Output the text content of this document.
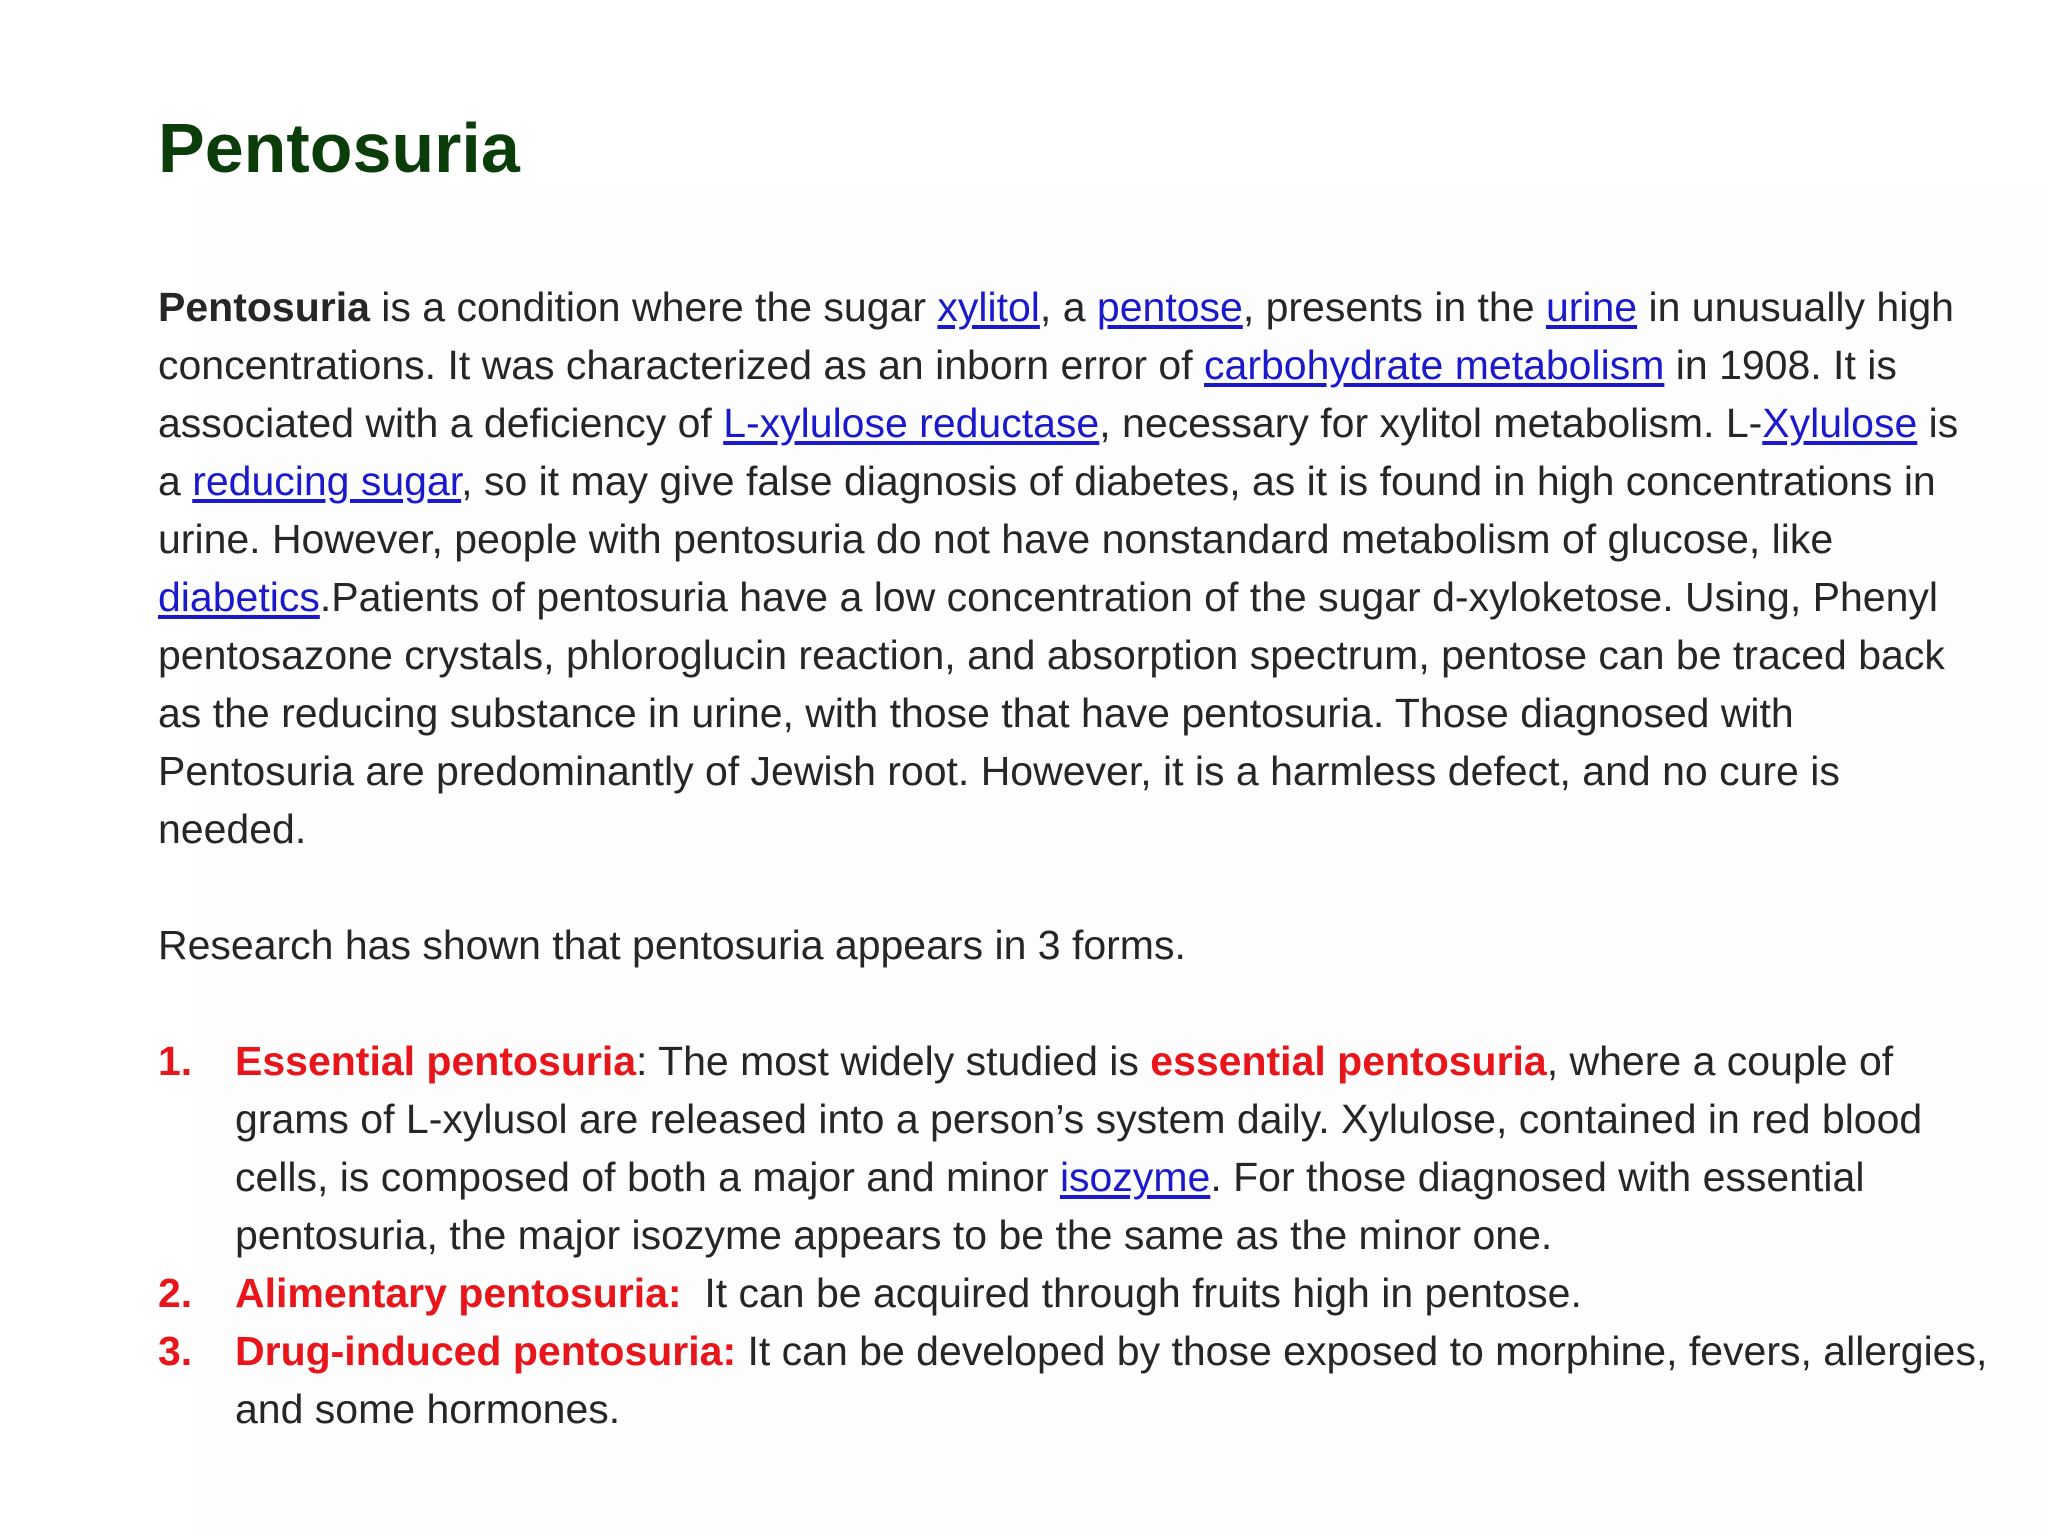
Pentosuria

Pentosuria is a condition where the sugar xylitol, a pentose, presents in the urine in unusually high concentrations. It was characterized as an inborn error of carbohydrate metabolism in 1908. It is associated with a deficiency of L-xylulose reductase, necessary for xylitol metabolism. L-Xylulose is a reducing sugar, so it may give false diagnosis of diabetes, as it is found in high concentrations in urine. However, people with pentosuria do not have nonstandard metabolism of glucose, like diabetics.Patients of pentosuria have a low concentration of the sugar d-xyloketose. Using, Phenyl pentosazone crystals, phloroglucin reaction, and absorption spectrum, pentose can be traced back as the reducing substance in urine, with those that have pentosuria. Those diagnosed with Pentosuria are predominantly of Jewish root. However, it is a harmless defect, and no cure is needed.

Research has shown that pentosuria appears in 3 forms.

1. Essential pentosuria: The most widely studied is essential pentosuria, where a couple of grams of L-xylusol are released into a person’s system daily. Xylulose, contained in red blood cells, is composed of both a major and minor isozyme. For those diagnosed with essential pentosuria, the major isozyme appears to be the same as the minor one.
2. Alimentary pentosuria:  It can be acquired through fruits high in pentose.
3. Drug-induced pentosuria: It can be developed by those exposed to morphine, fevers, allergies, and some hormones.
